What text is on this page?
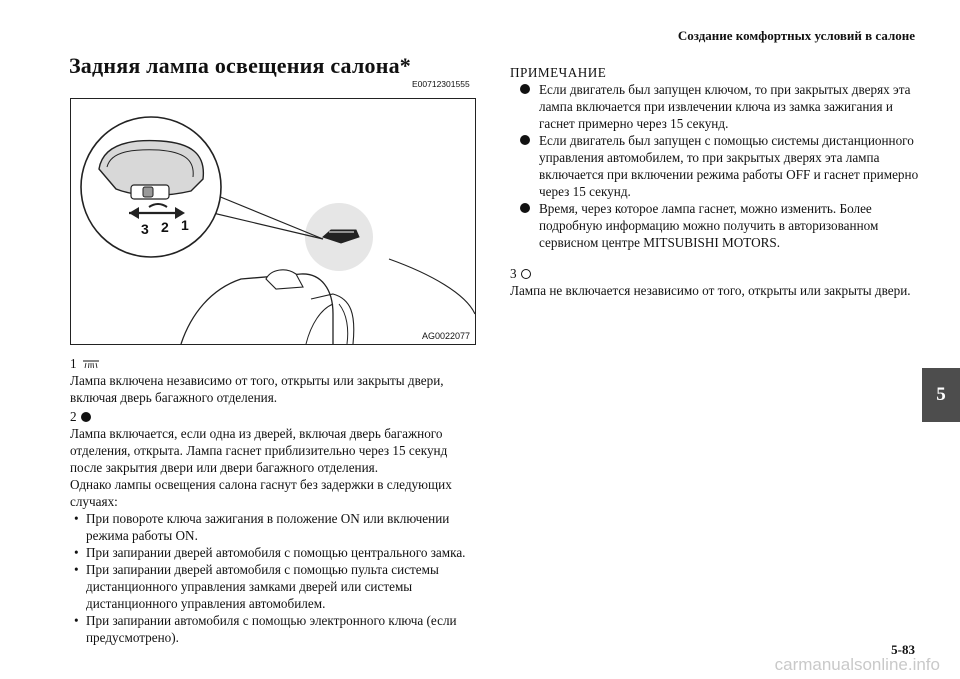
Создание комфортных условий в салоне
Задняя лампа освещения салона*
E00712301555
3 2 1
AG0022077
1

Лампа включена независимо от того, открыты или закрыты двери, включая дверь багажного отделения.

2

Лампа включается, если одна из дверей, включая дверь багажного отделения, открыта. Лампа гаснет приблизительно через 15 секунд после закрытия двери или двери багажного отделения.

Однако лампы освещения салона гаснут без задержки в следующих случаях:

• При повороте ключа зажигания в положение ON или включении режима работы ON.
• При запирании дверей автомобиля с помощью центрального замка.
• При запирании дверей автомобиля с помощью пульта системы дистанционного управления замками дверей или системы дистанционного управления автомобилем.
• При запирании автомобиля с помощью электронного ключа (если предусмотрено).

ПРИМЕЧАНИЕ

Если двигатель был запущен ключом, то при закрытых дверях эта лампа включается при извлечении ключа из замка зажигания и гаснет примерно через 15 секунд.
Если двигатель был запущен с помощью системы дистанционного управления автомобилем, то при закрытых дверях эта лампа включается при включении режима работы OFF и гаснет примерно через 15 секунд.
Время, через которое лампа гаснет, можно изменить. Более подробную информацию можно получить в авторизованном сервисном центре MITSUBISHI MOTORS.
3

Лампа не включается независимо от того, открыты или закрыты двери.

5
5-83
carmanualsonline.info
